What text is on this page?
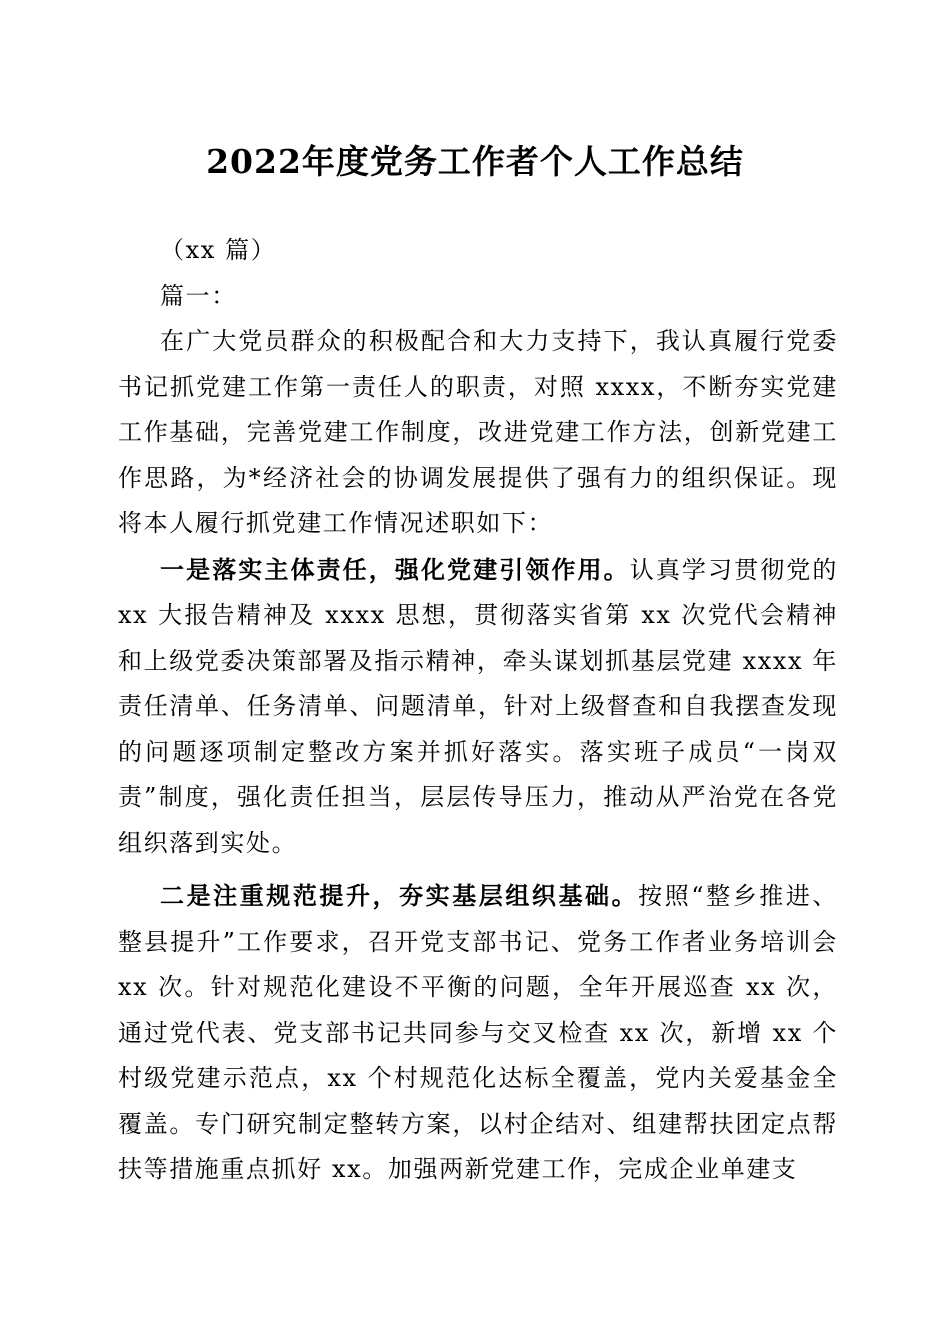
2022年度党务工作者个人工作总结

（xx 篇）

篇一：

在广大党员群众的积极配合和大力支持下，我认真履行党委书记抓党建工作第一责任人的职责，对照 xxxx，不断夯实党建工作基础，完善党建工作制度，改进党建工作方法，创新党建工作思路，为*经济社会的协调发展提供了强有力的组织保证。现将本人履行抓党建工作情况述职如下：

一是落实主体责任，强化党建引领作用。认真学习贯彻党的 xx 大报告精神及 xxxx 思想，贯彻落实省第 xx 次党代会精神和上级党委决策部署及指示精神，牵头谋划抓基层党建 xxxx 年责任清单、任务清单、问题清单，针对上级督查和自我摆查发现的问题逐项制定整改方案并抓好落实。落实班子成员“一岗双责”制度，强化责任担当，层层传导压力，推动从严治党在各党组织落到实处。

二是注重规范提升，夯实基层组织基础。按照“整乡推进、整县提升”工作要求，召开党支部书记、党务工作者业务培训会 xx 次。针对规范化建设不平衡的问题，全年开展巡查 xx 次，通过党代表、党支部书记共同参与交叉检查 xx 次，新增 xx 个村级党建示范点，xx 个村规范化达标全覆盖，党内关爱基金全覆盖。专门研究制定整转方案，以村企结对、组建帮扶团定点帮扶等措施重点抓好 xx。加强两新党建工作，完成企业单建支
